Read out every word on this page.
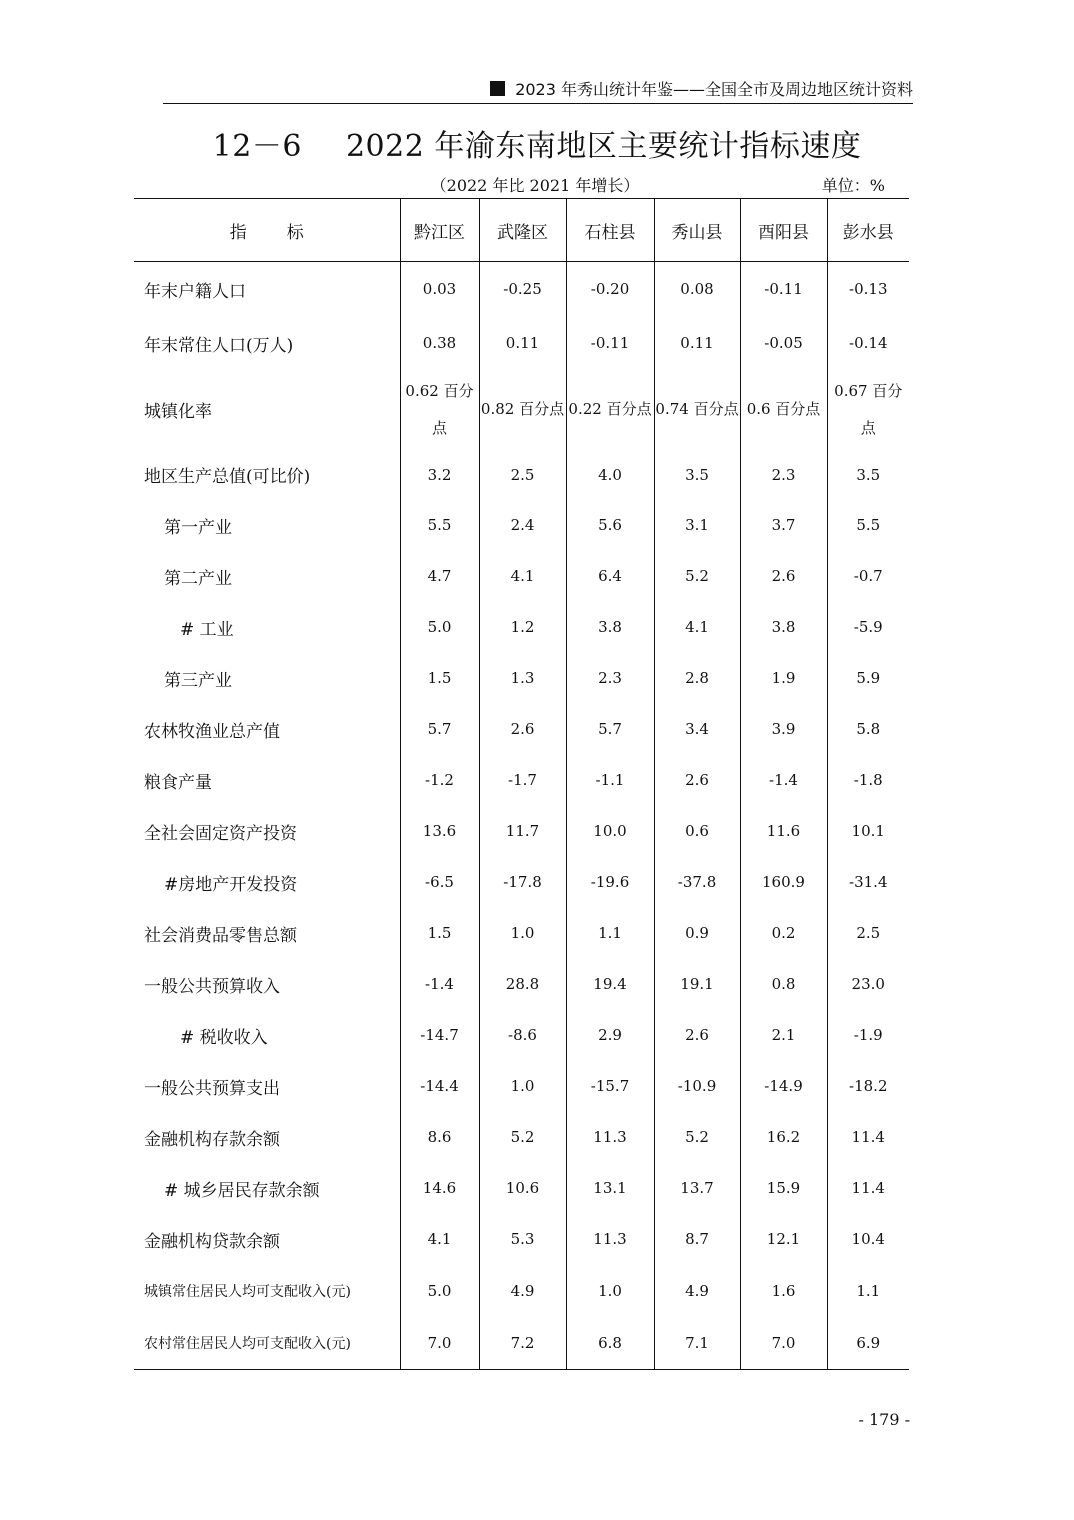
2023 年秀山统计年鉴——全国全市及周边地区统计资料
12－6 2022 年渝东南地区主要统计指标速度
（2022 年比 2021 年增长）	单位：%
指标	黔江区	武隆区	石柱县	秀山县	酉阳县	彭水县
年末户籍人口	0.03	-0.25	-0.20	0.08	-0.11	-0.13
年末常住人口(万人)	0.38	0.11	-0.11	0.11	-0.05	-0.14
城镇化率	0.62 百分点	0.82 百分点	0.22 百分点	0.74 百分点	0.6 百分点	0.67 百分点
地区生产总值(可比价)	3.2	2.5	4.0	3.5	2.3	3.5
第一产业	5.5	2.4	5.6	3.1	3.7	5.5
第二产业	4.7	4.1	6.4	5.2	2.6	-0.7
# 工业	5.0	1.2	3.8	4.1	3.8	-5.9
第三产业	1.5	1.3	2.3	2.8	1.9	5.9
农林牧渔业总产值	5.7	2.6	5.7	3.4	3.9	5.8
粮食产量	-1.2	-1.7	-1.1	2.6	-1.4	-1.8
全社会固定资产投资	13.6	11.7	10.0	0.6	11.6	10.1
#房地产开发投资	-6.5	-17.8	-19.6	-37.8	160.9	-31.4
社会消费品零售总额	1.5	1.0	1.1	0.9	0.2	2.5
一般公共预算收入	-1.4	28.8	19.4	19.1	0.8	23.0
# 税收收入	-14.7	-8.6	2.9	2.6	2.1	-1.9
一般公共预算支出	-14.4	1.0	-15.7	-10.9	-14.9	-18.2
金融机构存款余额	8.6	5.2	11.3	5.2	16.2	11.4
# 城乡居民存款余额	14.6	10.6	13.1	13.7	15.9	11.4
金融机构贷款余额	4.1	5.3	11.3	8.7	12.1	10.4
城镇常住居民人均可支配收入(元)	5.0	4.9	1.0	4.9	1.6	1.1
农村常住居民人均可支配收入(元)	7.0	7.2	6.8	7.1	7.0	6.9
- 179 -
